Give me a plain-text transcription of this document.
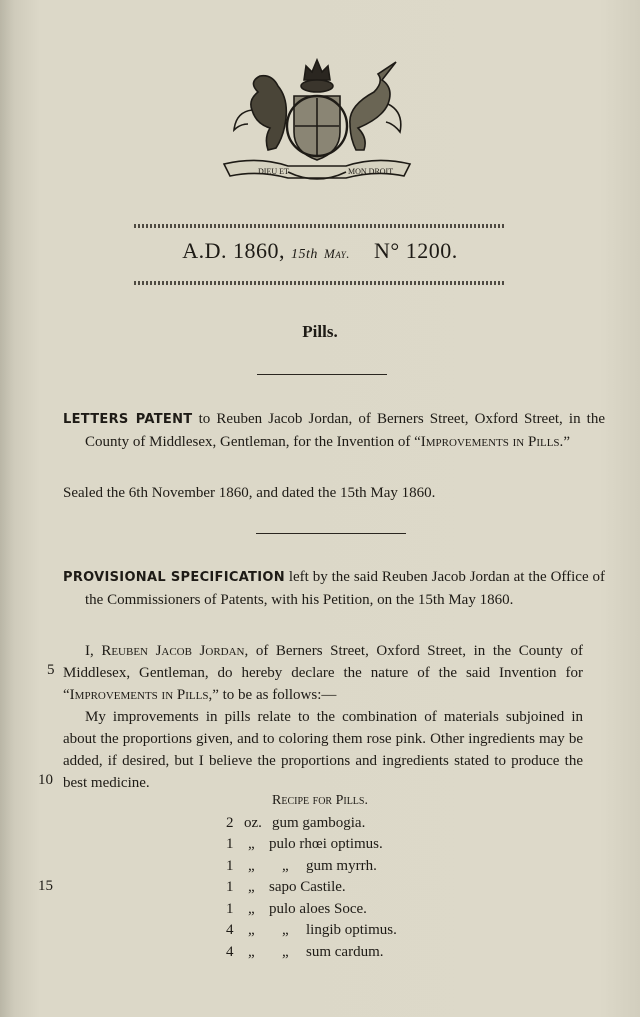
DIEU ET	MON DROIT
A.D. 1860, 15th May. N° 1200.
Pills.
LETTERS PATENT to Reuben Jacob Jordan, of Berners Street, Oxford Street, in the County of Middlesex, Gentleman, for the Invention of “Improvements in Pills.”
Sealed the 6th November 1860, and dated the 15th May 1860.
PROVISIONAL SPECIFICATION left by the said Reuben Jacob Jordan at the Office of the Commissioners of Patents, with his Petition, on the 15th May 1860.
I, Reuben Jacob Jordan, of Berners Street, Oxford Street, in the County of Middlesex, Gentleman, do hereby declare the nature of the said Invention for “Improvements in Pills,” to be as follows:—
My improvements in pills relate to the combination of materials subjoined in about the proportions given, and to coloring them rose pink. Other ingredients may be added, if desired, but I believe the proportions and ingredients stated to produce the best medicine.
5
10
15
Recipe for Pills.
2 oz. gum gambogia.
1 „ pulo rhœi optimus.
1 „ „ gum myrrh.
1 „ sapo Castile.
1 „ pulo aloes Soce.
4 „ „ lingib optimus.
4 „ „ sum cardum.
